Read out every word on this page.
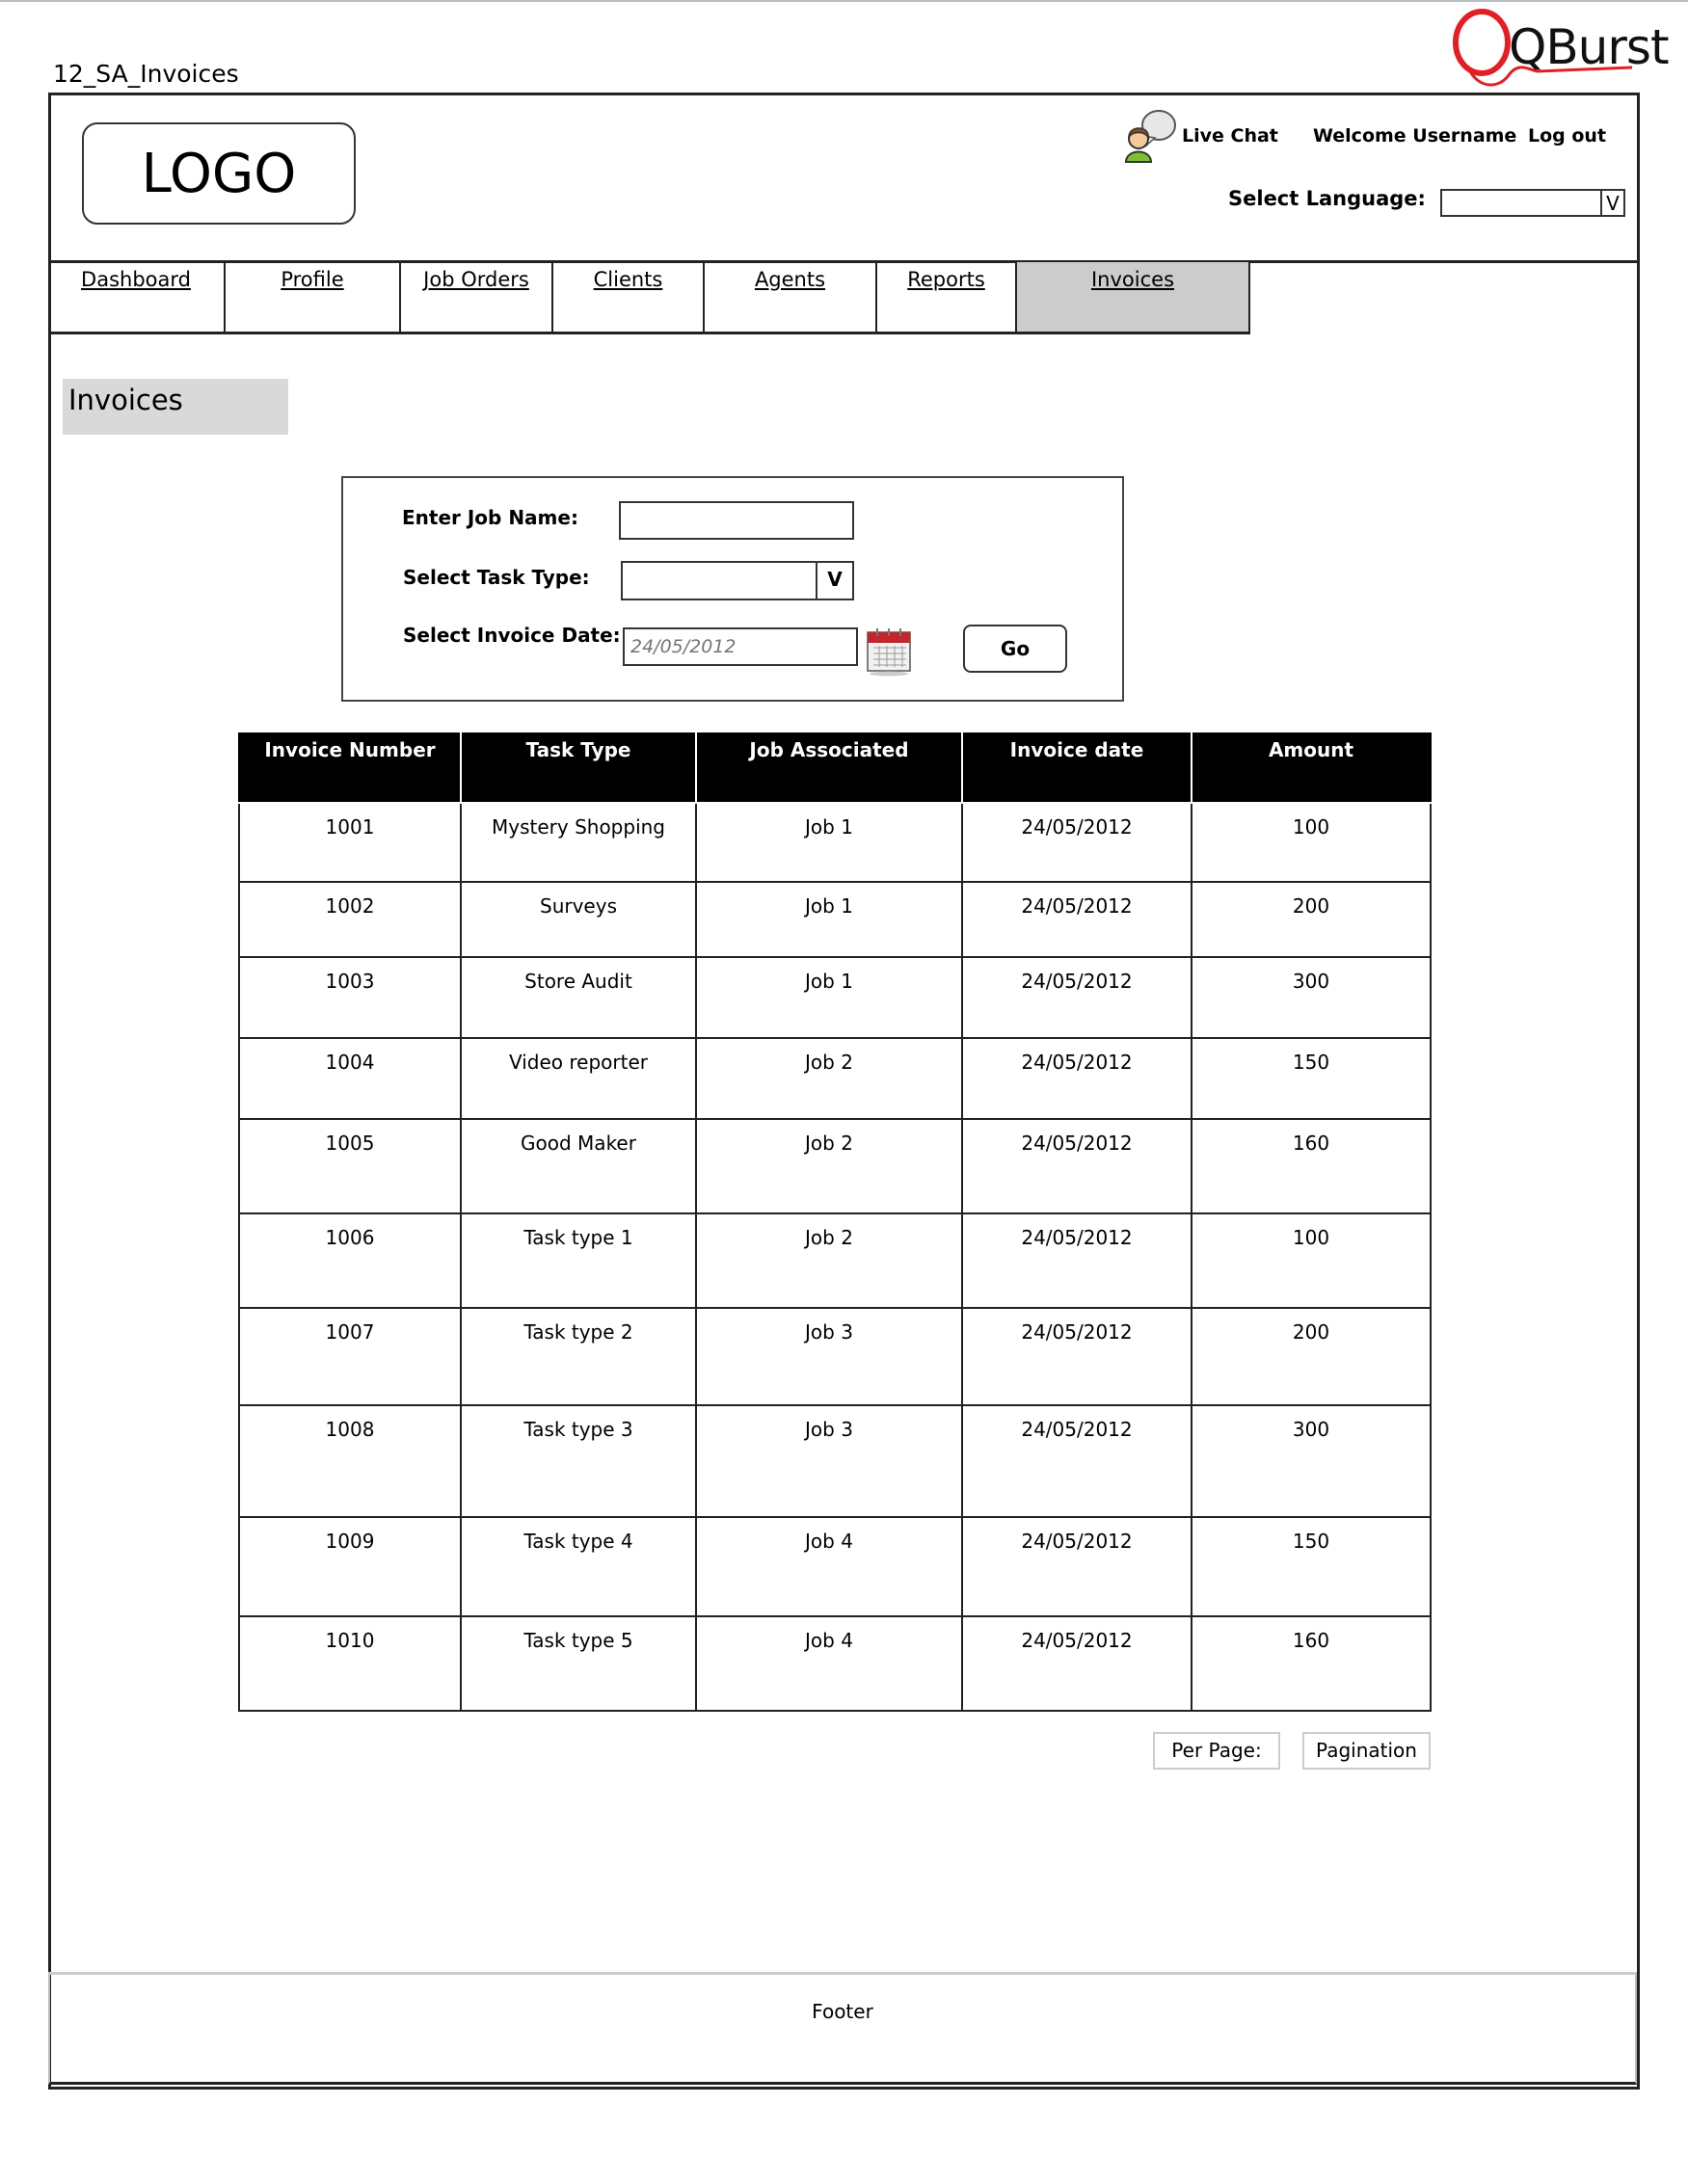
12_SA_Invoices	QBurst
LOGO
Live Chat Welcome Username Log out
Select Language:	V
Dashboard	Profile	Job Orders	Clients	Agents	Reports	Invoices
Invoices
Enter Job Name:
Select Task Type:	V
Select Invoice Date:
24/05/2012
Go
Invoice Number	Task Type	Job Associated	Invoice date	Amount
1001	Mystery Shopping	Job 1	24/05/2012	100
1002	Surveys	Job 1	24/05/2012	200
1003	Store Audit	Job 1	24/05/2012	300
1004	Video reporter	Job 2	24/05/2012	150
1005	Good Maker	Job 2	24/05/2012	160
1006	Task type 1	Job 2	24/05/2012	100
1007	Task type 2	Job 3	24/05/2012	200
1008	Task type 3	Job 3	24/05/2012	300
1009	Task type 4	Job 4	24/05/2012	150
1010	Task type 5	Job 4	24/05/2012	160
Per Page:	Pagination
Footer
